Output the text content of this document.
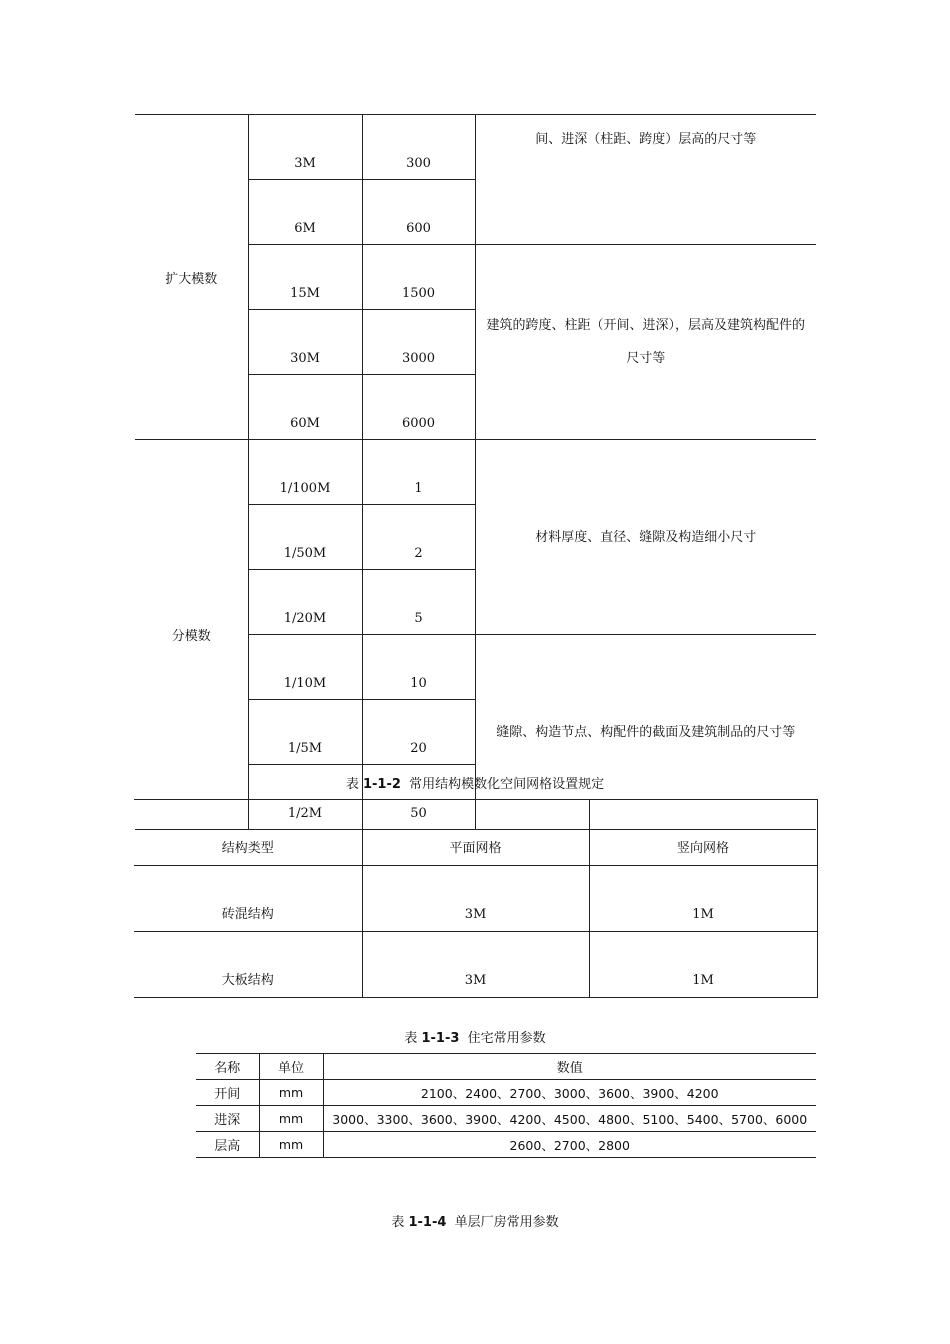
扩大模数	3M	300	间、进深（柱距、跨度）层高的尺寸等
	6M	600	
	15M	1500	建筑的跨度、柱距（开间、进深），层高及建筑构配件的尺寸等
	30M	3000	
	60M	6000	
分模数	1/100M	1	材料厚度、直径、缝隙及构造细小尺寸
	1/50M	2	
	1/20M	5	
	1/10M	10	缝隙、构造节点、构配件的截面及建筑制品的尺寸等
	1/5M	20	
	1/2M	50	
表 1-1-2 常用结构模数化空间网格设置规定
结构类型	平面网格	竖向网格
砖混结构	3M	1M
大板结构	3M	1M
表 1-1-3 住宅常用参数
名称	单位	数值
开间	mm	2100、2400、2700、3000、3600、3900、4200
进深	mm	3000、3300、3600、3900、4200、4500、4800、5100、5400、5700、6000
层高	mm	2600、2700、2800
表 1-1-4 单层厂房常用参数
